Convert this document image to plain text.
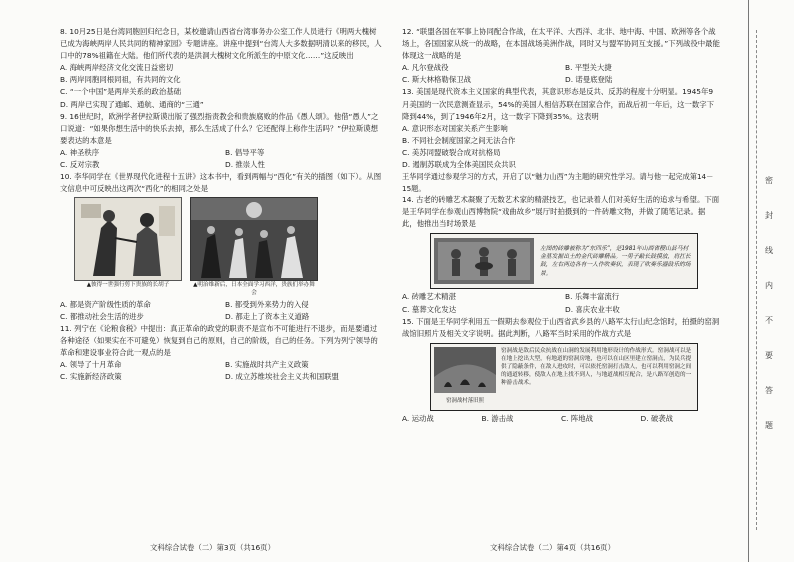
8. 10月25日是台湾同胞回归纪念日，某校邀请山西省台湾事务办公室工作人员进行《明两大槐树已成为海峡两岸人民共同的精神家园》专题讲座。讲座中提到“台湾人大多数据明清以来的移民，人口中的78%祖籍在大陆。他们所代表的是洪洞大槐树文化所派生的中原文化……”这反映出

A. 海峡两岸经济文化交流日益密切
B. 两岸同胞同根同祖，有共同的文化
C. “一个中国”是两岸关系的政治基础
D. 两岸已实现了通邮、通航、通商的“三通”

9. 16世纪时，欧洲学者伊拉斯谟出版了强烈指责教会和贵族腐败的作品《愚人颂》。他借“愚人”之口说道：“如果你想生活中的快乐去掉，那么生活成了什么？它还配得上称作生活吗？”伊拉斯谟想要表达的本意是

A. 神圣秩序	B. 倡导平等
C. 反对宗教	D. 推崇人性

10. 李华同学在《世界现代化进程十五讲》这本书中，看到两幅与“西化”有关的插图（如下）。从图文信息中可反映出这两次“西化”的相同之处是

▲彼得一世强行剪下贵族的长胡子	▲明治维新后，日本全面学习西洋，贵族们举办舞会
A. 都是资产阶级性质的革命	B. 都受到外来势力的入侵
C. 都推动社会生活的进步	D. 都走上了资本主义道路

11. 列宁在《论粮食税》中提出：真正革命的政党的职责不是宣布不可能进行不退步，而是要通过各种途径（如果实在不可避免）恢复到自己的原则，自己的阶级，自己的任务。下列为列宁领导的革命和建设事业符合此一观点的是

A. 领导了十月革命	B. 实施战时共产主义政策
C. 实施新经济政策	D. 成立苏维埃社会主义共和国联盟
文科综合试卷（二）第3页（共16页）

12. “联盟各国在军事上协同配合作战，在太平洋、大西洋、北非、地中海、中国、欧洲等各个战场上，各国国家从统一的战略，在本国战场美洲作战，同时又与盟军协同互支援。”下列战役中最能体现这一战略的是

A. 凡尔登战役	B. 平型关大捷
C. 斯大林格勒保卫战	D. 诺曼底登陆

13. 美国是现代资本主义国家的典型代表，其意识形态是反共、反苏的程度十分明显。1945年9月美国的一次民意测查显示，54%的美国人相信苏联在国家合作，而战后初一年后，这一数字下降到44%，到了1946年2月，这一数字下降到35%。这表明

A. 意识形态对国家关系产生影响
B. 不同社会制度国家之间无法合作
C. 美苏同盟破裂合成对抗格局
D. 遏制苏联成为全体美国民众共识

王华同学通过参观学习的方式，开启了以“魅力山西”为主题的研究性学习。请与他一起完成第14－15题。

14. 古老的砖雕艺术凝聚了无数艺术家的精湛技艺，也记录着人们对美好生活的追求与希望。下面是王华同学在参观山西博物院“戏曲故乡”展厅时拍摄到的一件砖雕文物，并做了随笔记录。据此，他推出当时场景是

左图的砖雕被称为“东四乐”，是1981年山西省稷山县马村金墓发掘出土的金代砖雕精品。一男子敲长鼓摸放，肩扛长鼓，左右两边各有一人作吹奏状，表现了吹奏乐器鼓乐的场景。
A. 砖雕艺术精湛	B. 乐舞丰富流行
C. 墓葬文化发达	D. 喜庆农业丰收

15. 下面是王华同学利用五一假期去参观位于山西省武乡县的八路军太行山纪念馆时，拍摄的窑洞战馆旧照片及相关文字说明。据此判断，八路军当时采用的作战方式是

窑洞战村落旧照
窑洞战是敌后民众抗战在山洞的发展利用地形设计的作战形式。窑洞战可以是在地上挖出大型，有地道的窑洞房地，也可以在山区里建立窑洞点，为民兵提供了隐蔽条件，在敌人进攻时，可以依托窑洞打击敌人，也可以利用窑洞之间的通道转移，使敌人在地上找不到人，与地道战相互配合，是八路军创造的一种游击战术。
A. 运动战	B. 游击战	C. 阵地战	D. 破袭战
文科综合试卷（二）第4页（共16页）
密
封
线
内
不
要
答
题
